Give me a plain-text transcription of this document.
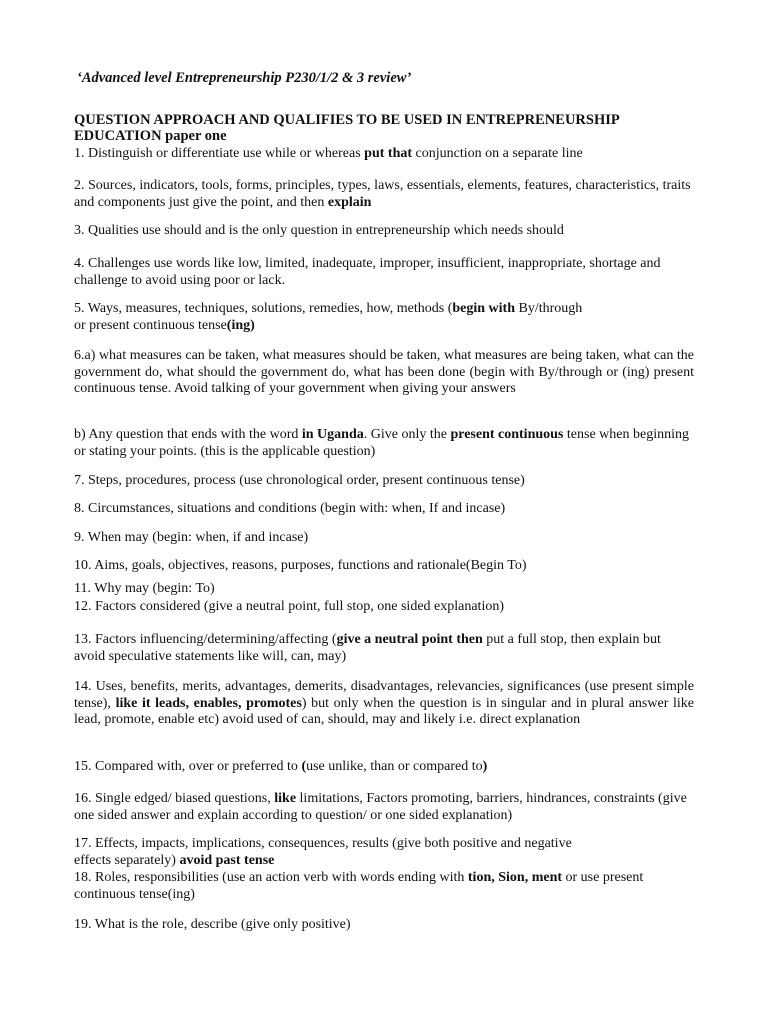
‘Advanced level Entrepreneurship P230/1/2 & 3 review’
QUESTION APPROACH AND QUALIFIES TO BE USED IN ENTREPRENEURSHIP
EDUCATION paper one

1. Distinguish or differentiate use while or whereas put that conjunction on a separate line

2. Sources, indicators, tools, forms, principles, types, laws, essentials, elements, features, characteristics, traits and components just give the point, and then explain

3. Qualities use should and is the only question in entrepreneurship which needs should

4. Challenges use words like low, limited, inadequate, improper, insufficient, inappropriate, shortage and challenge to avoid using poor or lack.

5. Ways, measures, techniques, solutions, remedies, how, methods (begin with By/through
or present continuous tense(ing)

6.a) what measures can be taken, what measures should be taken, what measures are being taken, what can the government do, what should the government do, what has been done (begin with By/through or (ing) present continuous tense. Avoid talking of your government when giving your answers

b) Any question that ends with the word in Uganda. Give only the present continuous tense when beginning or stating your points. (this is the applicable question)

7. Steps, procedures, process (use chronological order, present continuous tense)

8. Circumstances, situations and conditions (begin with: when, If and incase)

9. When may (begin: when, if and incase)

10. Aims, goals, objectives, reasons, purposes, functions and rationale(Begin To)

11. Why may (begin: To)

12. Factors considered (give a neutral point, full stop, one sided explanation)

13. Factors influencing/determining/affecting (give a neutral point then put a full stop, then explain but avoid speculative statements like will, can, may)

14. Uses, benefits, merits, advantages, demerits, disadvantages, relevancies, significances (use present simple tense), like it leads, enables, promotes) but only when the question is in singular and in plural answer like lead, promote, enable etc) avoid used of can, should, may and likely i.e. direct explanation

15. Compared with, over or preferred to (use unlike, than or compared to)

16. Single edged/ biased questions, like limitations, Factors promoting, barriers, hindrances, constraints (give one sided answer and explain according to question/ or one sided explanation)

17. Effects, impacts, implications, consequences, results (give both positive and negative
effects separately) avoid past tense

18. Roles, responsibilities (use an action verb with words ending with tion, Sion, ment or use present continuous tense(ing)

19. What is the role, describe (give only positive)
